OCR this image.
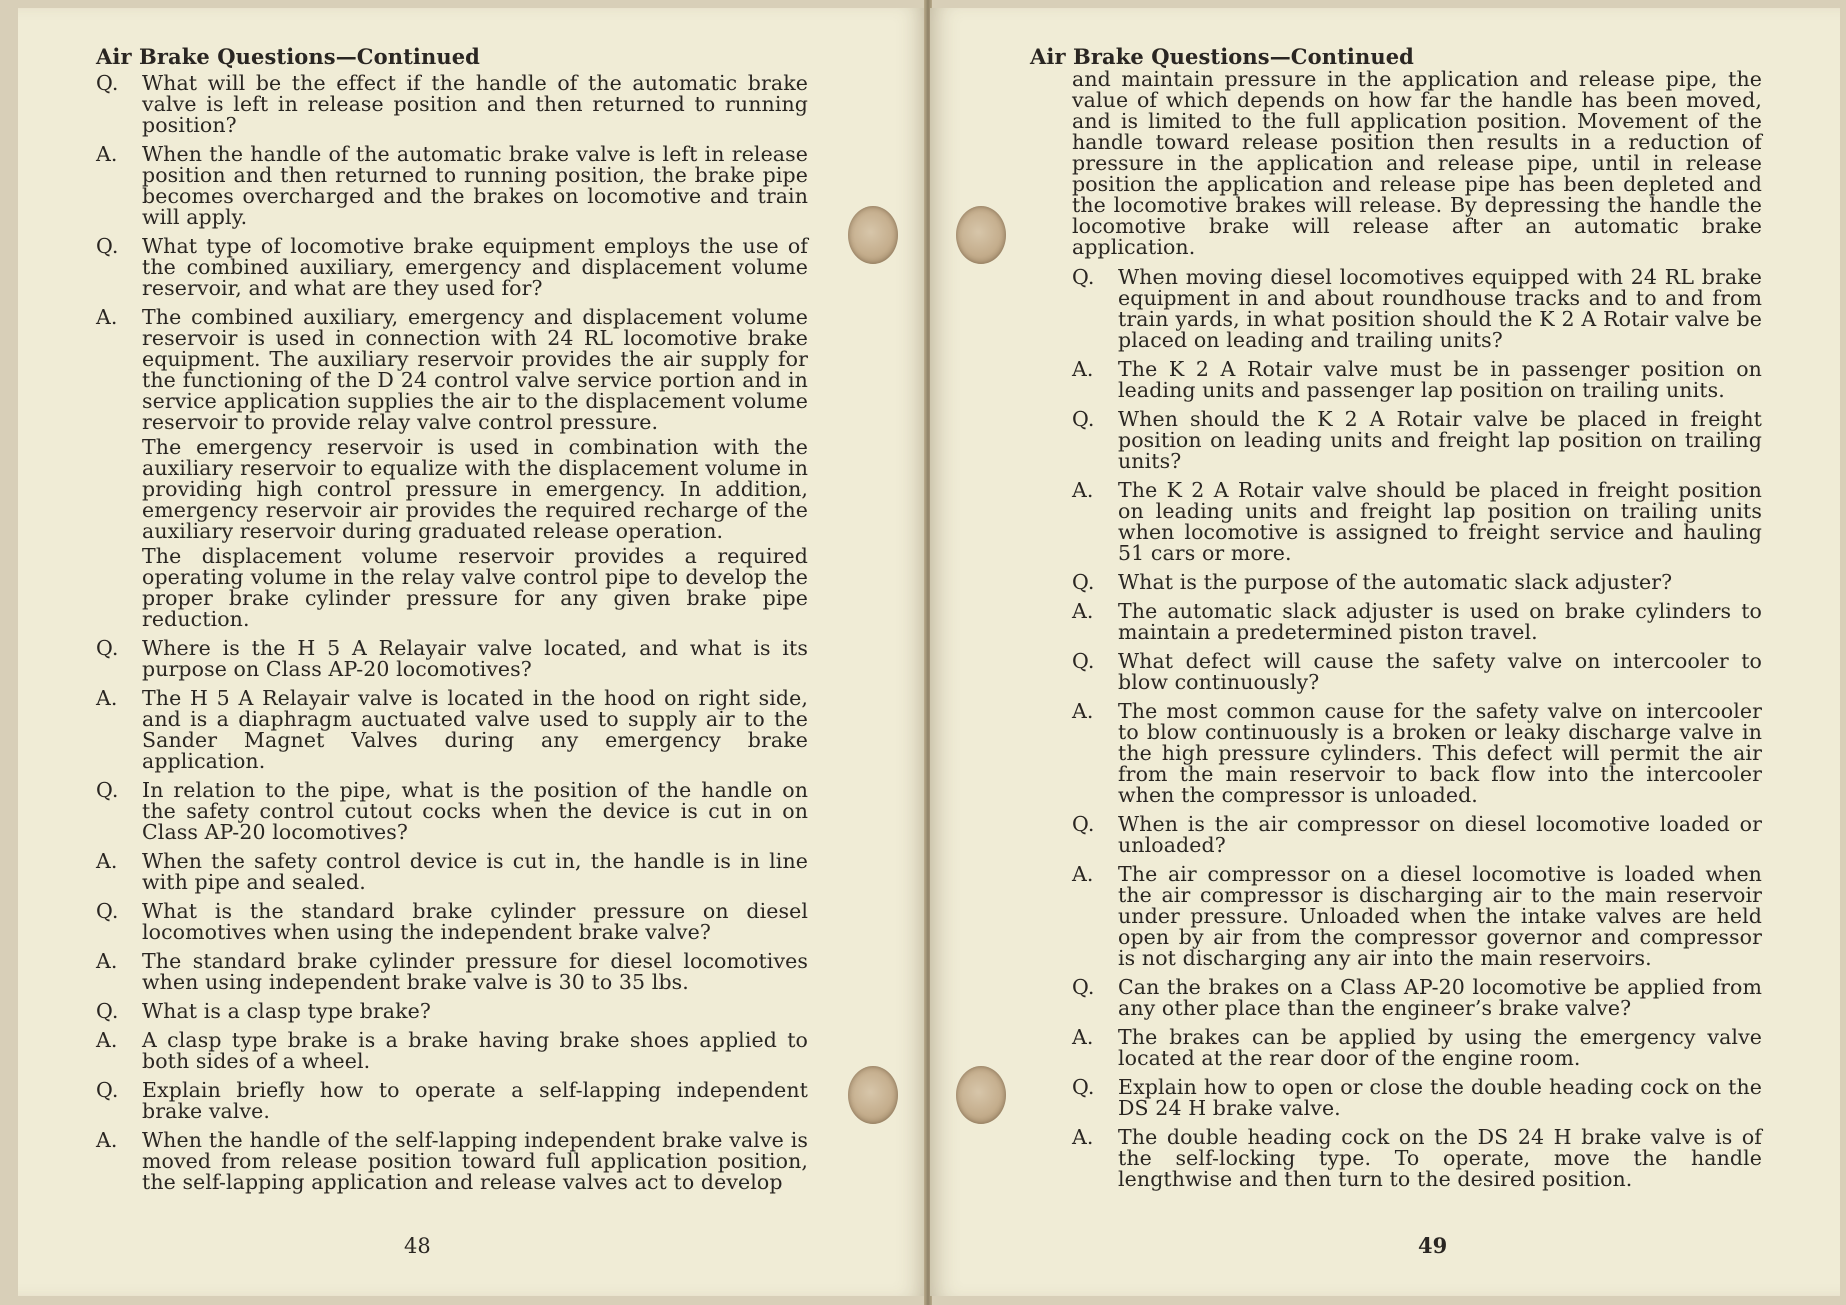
Air Brake Questions—Continued
Q.	What will be the effect if the handle of the automatic brake valve is left in release position and then returned to running position?
A.	When the handle of the automatic brake valve is left in release position and then returned to running position, the brake pipe becomes overcharged and the brakes on locomotive and train will apply.
Q.	What type of locomotive brake equipment employs the use of the combined auxiliary, emergency and displacement volume reservoir, and what are they used for?
A.	The combined auxiliary, emergency and displacement volume reservoir is used in connection with 24 RL locomotive brake equipment. The auxiliary reservoir provides the air supply for the functioning of the D 24 control valve service portion and in service application supplies the air to the displacement volume reservoir to provide relay valve control pressure.
The emergency reservoir is used in combination with the auxiliary reservoir to equalize with the displacement volume in providing high control pressure in emergency. In addition, emergency reservoir air provides the required recharge of the auxiliary reservoir during graduated release operation.
The displacement volume reservoir provides a required operating volume in the relay valve control pipe to develop the proper brake cylinder pressure for any given brake pipe reduction.
Q.	Where is the H 5 A Relayair valve located, and what is its purpose on Class AP-20 locomotives?
A.	The H 5 A Relayair valve is located in the hood on right side, and is a diaphragm auctuated valve used to supply air to the Sander Magnet Valves during any emergency brake application.
Q.	In relation to the pipe, what is the position of the handle on the safety control cutout cocks when the device is cut in on Class AP-20 locomotives?
A.	When the safety control device is cut in, the handle is in line with pipe and sealed.
Q.	What is the standard brake cylinder pressure on diesel locomotives when using the independent brake valve?
A.	The standard brake cylinder pressure for diesel locomotives when using independent brake valve is 30 to 35 lbs.
Q.	What is a clasp type brake?
A.	A clasp type brake is a brake having brake shoes applied to both sides of a wheel.
Q.	Explain briefly how to operate a self-lapping independent brake valve.
A.	When the handle of the self-lapping independent brake valve is moved from release position toward full application position, the self-lapping application and release valves act to develop
48
Air Brake Questions—Continued
and maintain pressure in the application and release pipe, the value of which depends on how far the handle has been moved, and is limited to the full application position. Movement of the handle toward release position then results in a reduction of pressure in the application and release pipe, until in release position the application and release pipe has been depleted and the locomotive brakes will release. By depressing the handle the locomotive brake will release after an automatic brake application.
Q.	When moving diesel locomotives equipped with 24 RL brake equipment in and about roundhouse tracks and to and from train yards, in what position should the K 2 A Rotair valve be placed on leading and trailing units?
A.	The K 2 A Rotair valve must be in passenger position on leading units and passenger lap position on trailing units.
Q.	When should the K 2 A Rotair valve be placed in freight position on leading units and freight lap position on trailing units?
A.	The K 2 A Rotair valve should be placed in freight position on leading units and freight lap position on trailing units when locomotive is assigned to freight service and hauling 51 cars or more.
Q.	What is the purpose of the automatic slack adjuster?
A.	The automatic slack adjuster is used on brake cylinders to maintain a predetermined piston travel.
Q.	What defect will cause the safety valve on intercooler to blow continuously?
A.	The most common cause for the safety valve on intercooler to blow continuously is a broken or leaky discharge valve in the high pressure cylinders. This defect will permit the air from the main reservoir to back flow into the intercooler when the compressor is unloaded.
Q.	When is the air compressor on diesel locomotive loaded or unloaded?
A.	The air compressor on a diesel locomotive is loaded when the air compressor is discharging air to the main reservoir under pressure. Unloaded when the intake valves are held open by air from the compressor governor and compressor is not discharging any air into the main reservoirs.
Q.	Can the brakes on a Class AP-20 locomotive be applied from any other place than the engineer’s brake valve?
A.	The brakes can be applied by using the emergency valve located at the rear door of the engine room.
Q.	Explain how to open or close the double heading cock on the DS 24 H brake valve.
A.	The double heading cock on the DS 24 H brake valve is of the self-locking type. To operate, move the handle lengthwise and then turn to the desired position.
49
